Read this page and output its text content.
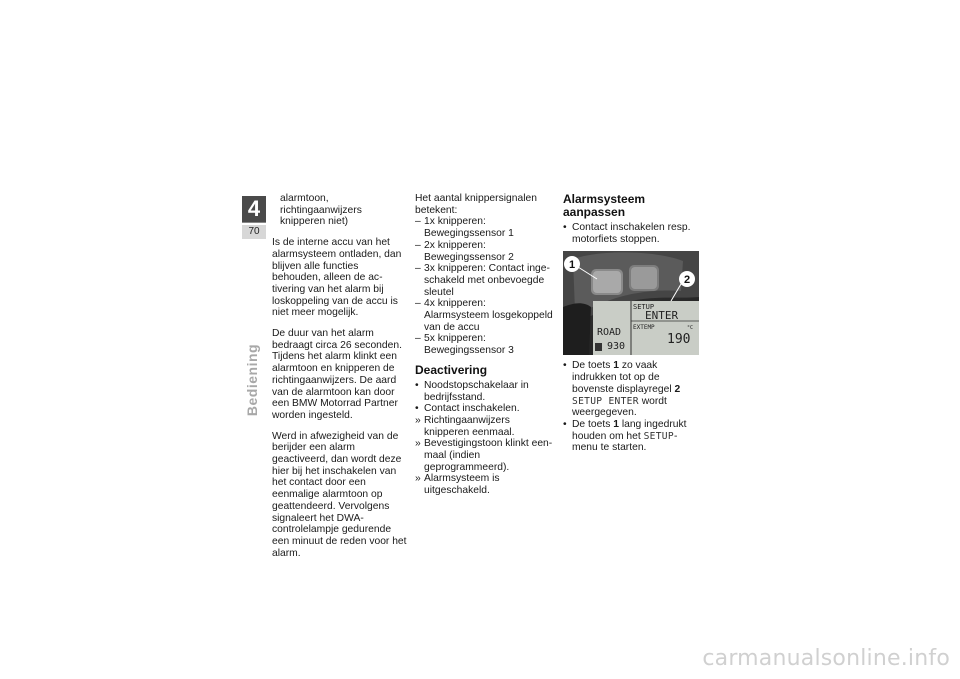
4
70
Bediening

alarmtoon, richtingaanwijzers knipperen niet)

Is de interne accu van het alarmsysteem ontladen, dan blijven alle functies behouden, alleen de activering van het alarm bij loskoppeling van de accu is niet meer mogelijk.

De duur van het alarm bedraagt circa 26 seconden. Tijdens het alarm klinkt een alarmtoon en knipperen de richtingaanwijzers. De aard van de alarmtoon kan door een BMW Motorrad Partner worden ingesteld.

Werd in afwezigheid van de berijder een alarm geactiveerd, dan wordt deze hier bij het inschakelen van het contact door een eenmalige alarmtoon op geattendeerd. Vervolgens signaleert het DWA-controlelampje gedurende een minuut de reden voor het alarm.

Het aantal knippersignalen betekent:

– 1x knipperen: Bewegingssensor 1
– 2x knipperen: Bewegingssensor 2
– 3x knipperen: Contact ingeschakeld met onbevoegde sleutel
– 4x knipperen: Alarmsysteem losgekoppeld van de accu
– 5x knipperen: Bewegingssensor 3
Deactivering
• Noodstopschakelaar in bedrijfsstand.
• Contact inschakelen.
» Richtingaanwijzers knipperen eenmaal.
» Bevestigingstoon klinkt eenmaal (indien geprogrammeerd).
» Alarmsysteem is uitgeschakeld.
Alarmsysteem aanpassen
• Contact inschakelen resp. motorfiets stoppen.
1
2
SETUP
ENTER
EXTEMP	°C
190
ROAD
930
• De toets 1 zo vaak indrukken tot op de bovenste displayregel 2 SETUP ENTER wordt weergegeven.
• De toets 1 lang ingedrukt houden om het SETUP-menu te starten.
carmanualsonline.info
